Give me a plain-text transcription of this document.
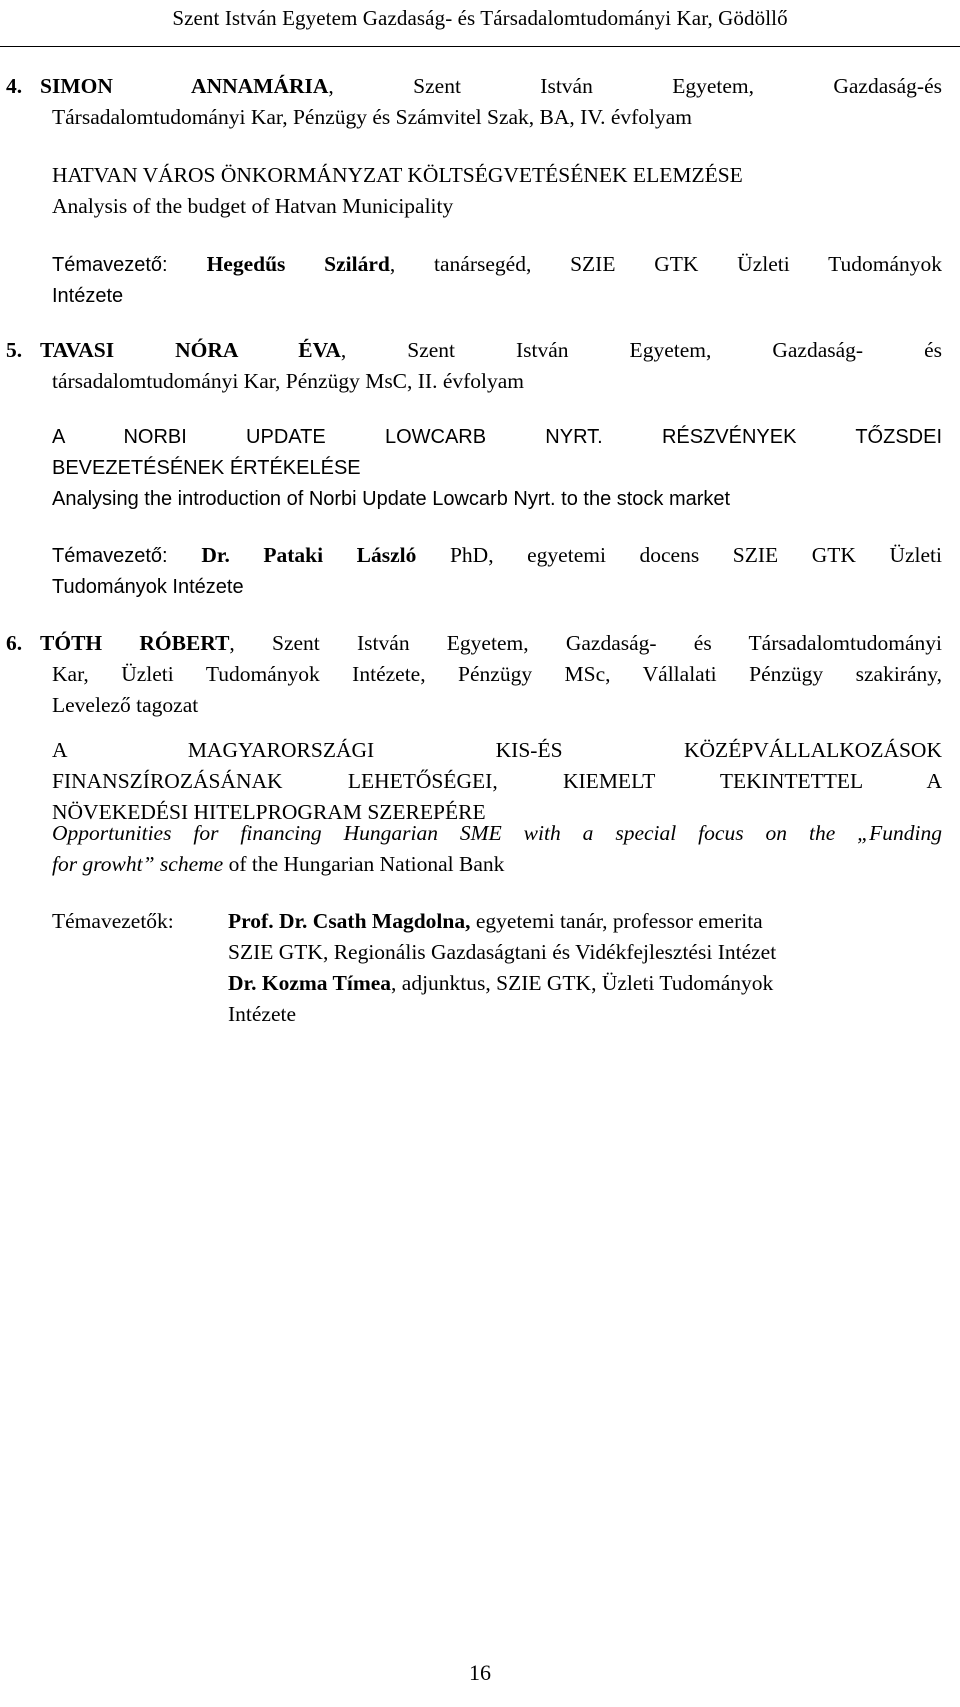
Szent István Egyetem Gazdaság- és Társadalomtudományi Kar, Gödöllő

4. SIMON ANNAMÁRIA, Szent István Egyetem, Gazdaság-és

Társadalomtudományi Kar, Pénzügy és Számvitel Szak, BA, IV. évfolyam

HATVAN VÁROS ÖNKORMÁNYZAT KÖLTSÉGVETÉSÉNEK ELEMZÉSE
Analysis of the budget of Hatvan Municipality

Témavezető: Hegedűs Szilárd, tanársegéd, SZIE GTK Üzleti Tudományok

Intézete

5. TAVASI NÓRA ÉVA, Szent István Egyetem, Gazdaság- és

társadalomtudományi Kar, Pénzügy MsC, II. évfolyam

A NORBI UPDATE LOWCARB NYRT. RÉSZVÉNYEK TŐZSDEI

BEVEZETÉSÉNEK ÉRTÉKELÉSE

Analysing the introduction of Norbi Update Lowcarb Nyrt. to the stock market

Témavezető: Dr. Pataki László PhD, egyetemi docens SZIE GTK Üzleti

Tudományok Intézete

6. TÓTH RÓBERT, Szent István Egyetem, Gazdaság- és Társadalomtudományi

Kar, Üzleti Tudományok Intézete, Pénzügy MSc, Vállalati Pénzügy szakirány,

Levelező tagozat

A MAGYARORSZÁGI KIS-ÉS KÖZÉPVÁLLALKOZÁSOK

FINANSZÍROZÁSÁNAK LEHETŐSÉGEI, KIEMELT TEKINTETTEL A

NÖVEKEDÉSI HITELPROGRAM SZEREPÉRE

Opportunities for financing Hungarian SME with a special focus on the „Funding

for growht” scheme of the Hungarian National Bank

Témavezetők:	Prof. Dr. Csath Magdolna, egyetemi tanár, professor emerita

SZIE GTK, Regionális Gazdaságtani és Vidékfejlesztési Intézet

Dr. Kozma Tímea, adjunktus, SZIE GTK, Üzleti Tudományok

Intézete

16
